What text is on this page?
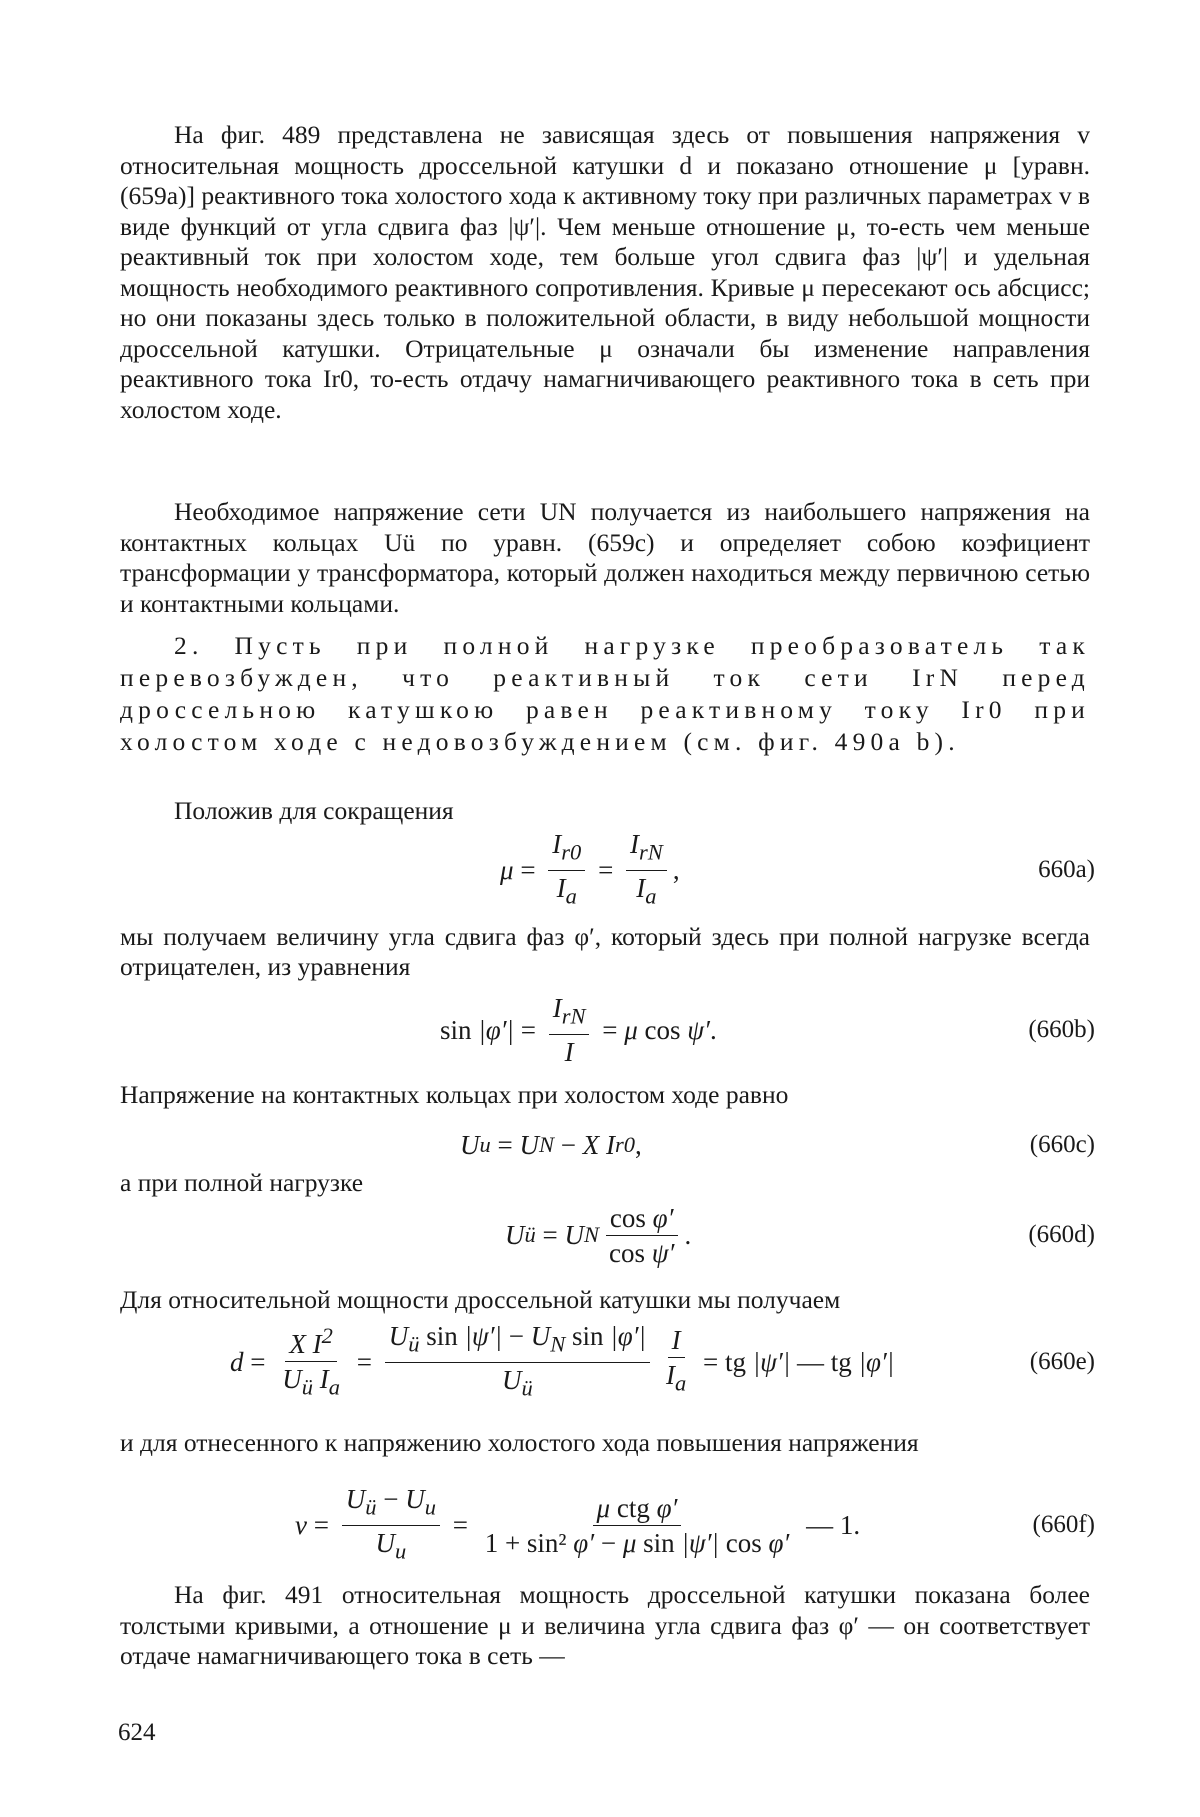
На фиг. 489 представлена не зависящая здесь от повышения напряжения v относительная мощность дроссельной катушки d и показано отношение μ [уравн. (659a)] реактивного тока холостого хода к активному току при различных параметрах v в виде функций от угла сдвига фаз |ψ′|. Чем меньше отношение μ, то-есть чем меньше реактивный ток при холостом ходе, тем больше угол сдвига фаз |ψ′| и удельная мощность необходимого реактивного сопротивления. Кривые μ пересекают ось абсцисс; но они показаны здесь только в положительной области, в виду небольшой мощности дроссельной катушки. Отрицательные μ означали бы изменение направления реактивного тока Ir0, то-есть отдачу намагничивающего реактивного тока в сеть при холостом ходе.

Необходимое напряжение сети UN получается из наибольшего напряжения на контактных кольцах Uü по уравн. (659c) и определяет собою коэфициент трансформации у трансформатора, который должен находиться между первичною сетью и контактными кольцами.

2. Пусть при полной нагрузке преобразователь так перевозбужден, что реактивный ток сети IrN перед дроссельною катушкою равен реактивному току Ir0 при холостом ходе с недовозбуждением (см. фиг. 490a b).

Положив для сокращения

μ =
Ir0
Ia
=
IrN
Ia
,	660a)

мы получаем величину угла сдвига фаз φ′, который здесь при полной нагрузке всегда отрицателен, из уравнения

sin |φ′| =
IrN
I
= μ cos ψ′ .	(660b)

Напряжение на контактных кольцах при холостом ходе равно

U u = U N − X I r0 ,	(660c)

а при полной нагрузке

U ü = U N
cos φ′
cos ψ′
.	(660d)

Для относительной мощности дроссельной катушки мы получаем

d =
X I2
Uü Ia
=
Uü sin |ψ′| − UN sin |φ′|
Uü
I
Ia
= tg |ψ′| — tg |φ′|	(660e)

и для отнесенного к напряжению холостого хода повышения напряжения

v =
Uü − Uu
Uu
=
μ ctg φ′
1 + sin² φ′ − μ sin |ψ′| cos φ′
— 1.	(660f)

На фиг. 491 относительная мощность дроссельной катушки показана более толстыми кривыми, а отношение μ и величина угла сдвига фаз φ′ — он соответствует отдаче намагничивающего тока в сеть —

624
